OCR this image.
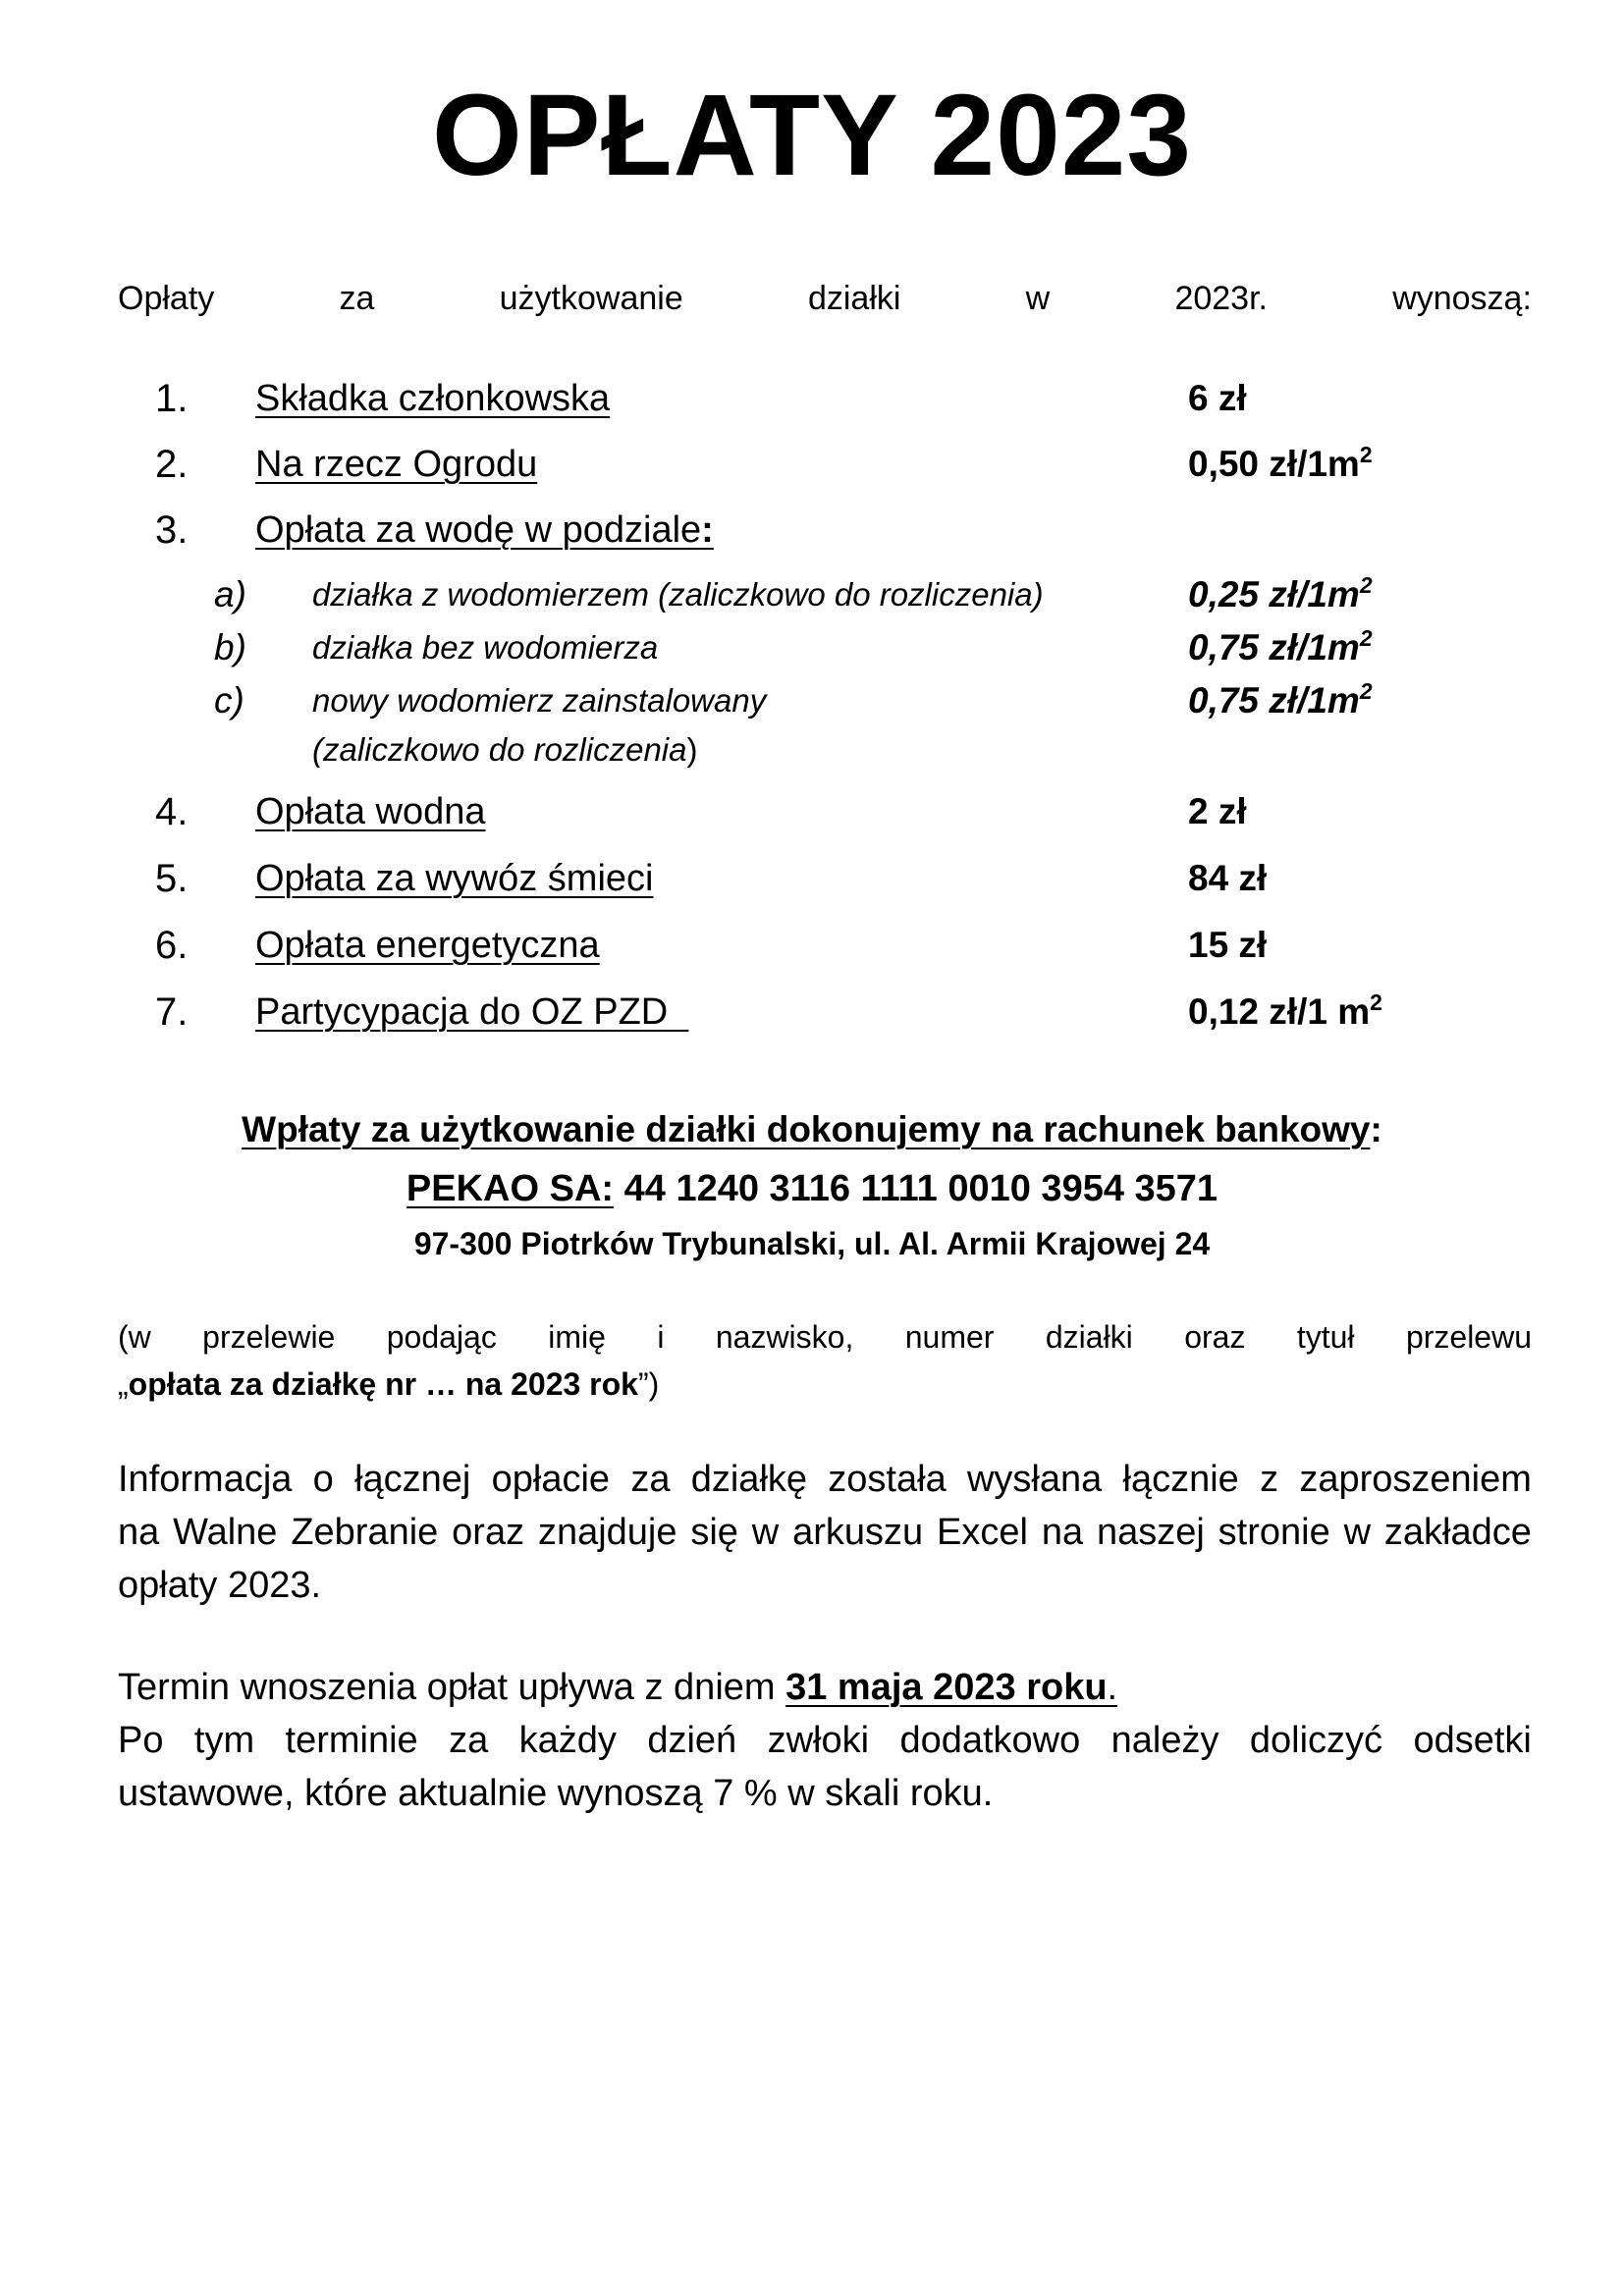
OPŁATY 2023
Opłaty	za	użytkowanie	działki	w	2023r.	wynoszą:
1. Składka członkowska	6 zł
2. Na rzecz Ogrodu	0,50 $zł/1m^2$
3. Opłata za wodę w podziale:
a) działka z wodomierzem (zaliczkowo do rozliczenia)	0,25 $zł/1m^2$
b) działka bez wodomierza	0,75 $zł/1m^2$
c) nowy wodomierz zainstalowany	0,75 $zł/1m^2$
(zaliczkowo do rozliczenia)
4. Opłata wodna	2 zł
5. Opłata za wywóz śmieci	84 zł
6. Opłata energetyczna	15 zł
7. Partycypacja do OZ PZD	0,12 zł/1 $m^2$
Wpłaty za użytkowanie działki dokonujemy na rachunek bankowy:
PEKAO SA: 44 1240 3116 1111 0010 3954 3571
97-300 Piotrków Trybunalski, ul. Al. Armii Krajowej 24
(w przelewie podając imię i nazwisko, numer działki oraz tytuł przelewu
„opłata za działkę nr … na 2023 rok”)
Informacja o łącznej opłacie za działkę została wysłana łącznie z zaproszeniem
na Walne Zebranie oraz znajduje się w arkuszu Excel na naszej stronie w zakładce
opłaty 2023.
Termin wnoszenia opłat upływa z dniem 31 maja 2023 roku.
Po tym terminie za każdy dzień zwłoki dodatkowo należy doliczyć odsetki
ustawowe, które aktualnie wynoszą 7 % w skali roku.
